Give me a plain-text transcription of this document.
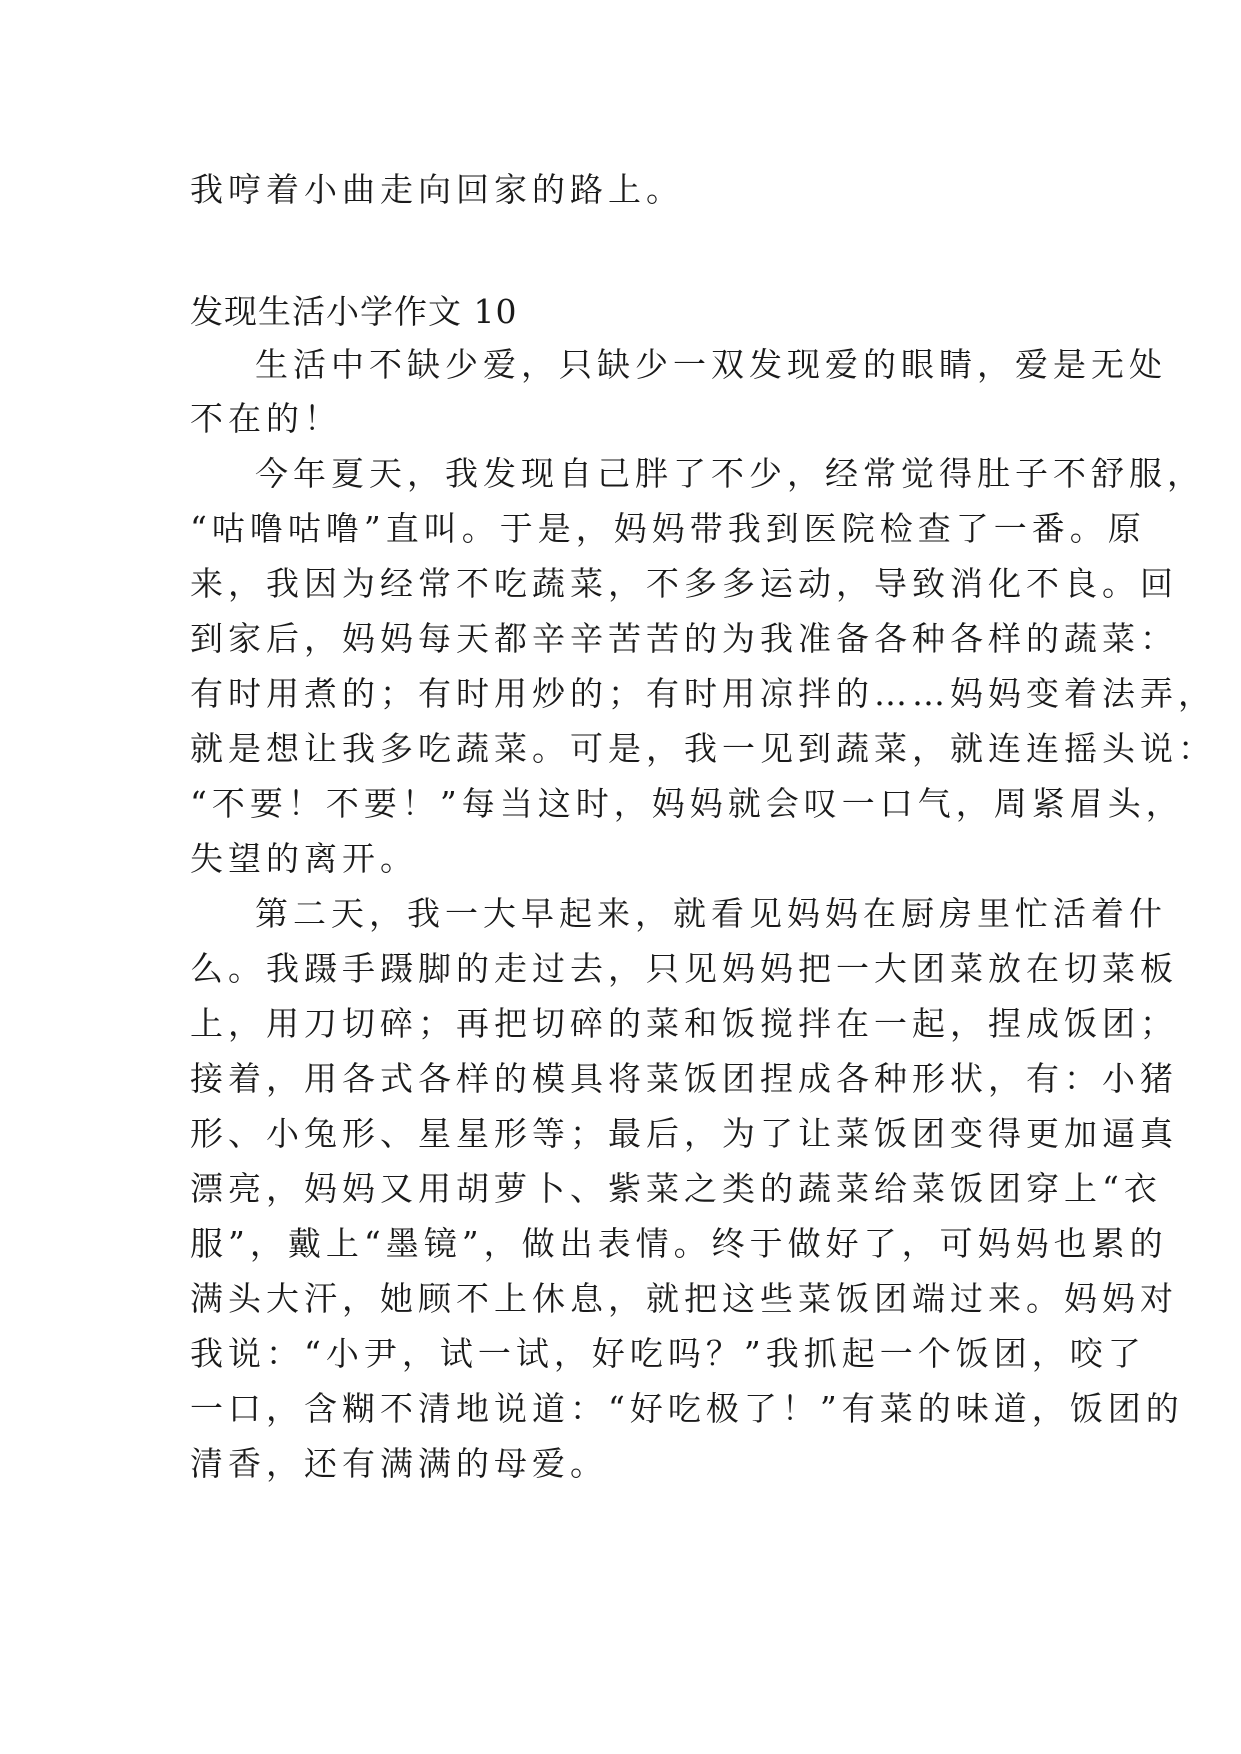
我哼着小曲走向回家的路上。
发现生活小学作文 10
生活中不缺少爱，只缺少一双发现爱的眼睛，爱是无处
不在的！
今年夏天，我发现自己胖了不少，经常觉得肚子不舒服，
“咕噜咕噜”直叫。于是，妈妈带我到医院检查了一番。原
来，我因为经常不吃蔬菜，不多多运动，导致消化不良。回
到家后，妈妈每天都辛辛苦苦的为我准备各种各样的蔬菜：
有时用煮的；有时用炒的；有时用凉拌的……妈妈变着法弄，
就是想让我多吃蔬菜。可是，我一见到蔬菜，就连连摇头说：
“不要！不要！”每当这时，妈妈就会叹一口气，周紧眉头，
失望的离开。
第二天，我一大早起来，就看见妈妈在厨房里忙活着什
么。我蹑手蹑脚的走过去，只见妈妈把一大团菜放在切菜板
上，用刀切碎；再把切碎的菜和饭搅拌在一起，捏成饭团；
接着，用各式各样的模具将菜饭团捏成各种形状，有：小猪
形、小兔形、星星形等；最后，为了让菜饭团变得更加逼真
漂亮，妈妈又用胡萝卜、紫菜之类的蔬菜给菜饭团穿上“衣
服”，戴上“墨镜”，做出表情。终于做好了，可妈妈也累的
满头大汗，她顾不上休息，就把这些菜饭团端过来。妈妈对
我说：“小尹，试一试，好吃吗？”我抓起一个饭团，咬了
一口，含糊不清地说道：“好吃极了！”有菜的味道，饭团的
清香，还有满满的母爱。
